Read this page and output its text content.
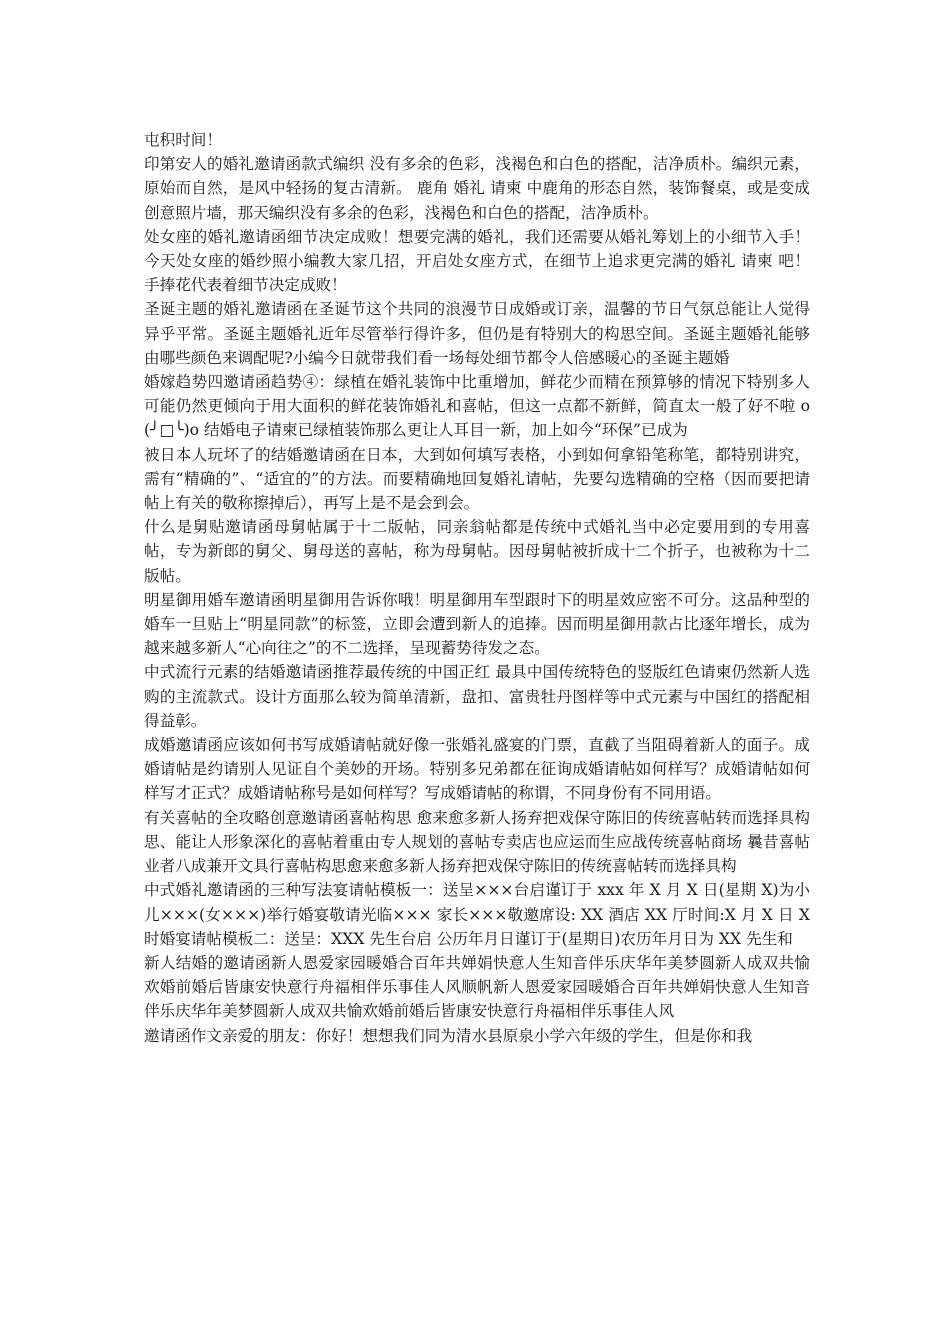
屯积时间！

印第安人的婚礼邀请函款式编织 没有多余的色彩，浅褐色和白色的搭配，洁净质朴。编织元素，原始而自然，是风中轻扬的复古清新。 鹿角 婚礼 请柬 中鹿角的形态自然，装饰餐桌，或是变成创意照片墙，那天编织没有多余的色彩，浅褐色和白色的搭配，洁净质朴。

处女座的婚礼邀请函细节决定成败！想要完满的婚礼，我们还需要从婚礼筹划上的小细节入手！今天处女座的婚纱照小编教大家几招，开启处女座方式，在细节上追求更完满的婚礼 请柬 吧！ 手捧花代表着细节决定成败！

圣诞主题的婚礼邀请函在圣诞节这个共同的浪漫节日成婚或订亲，温馨的节日气氛总能让人觉得异乎平常。圣诞主题婚礼近年尽管举行得许多，但仍是有特别大的构思空间。圣诞主题婚礼能够由哪些颜色来调配呢?小编今日就带我们看一场每处细节都令人倍感暖心的圣诞主题婚

婚嫁趋势四邀请函趋势④：绿植在婚礼装饰中比重增加，鲜花少而精在预算够的情况下特别多人可能仍然更倾向于用大面积的鲜花装饰婚礼和喜帖，但这一点都不新鲜，简直太一般了好不啦 o(╯□╰)o 结婚电子请柬已绿植装饰那么更让人耳目一新，加上如今“环保”已成为

被日本人玩坏了的结婚邀请函在日本，大到如何填写表格，小到如何拿铅笔称笔，都特别讲究，需有“精确的”、“适宜的”的方法。而要精确地回复婚礼请帖，先要勾选精确的空格（因而要把请帖上有关的敬称擦掉后），再写上是不是会到会。

什么是舅贴邀请函母舅帖属于十二版帖，同亲翁帖都是传统中式婚礼当中必定要用到的专用喜帖，专为新郎的舅父、舅母送的喜帖，称为母舅帖。因母舅帖被折成十二个折子，也被称为十二版帖。

明星御用婚车邀请函明星御用告诉你哦！明星御用车型跟时下的明星效应密不可分。这品种型的婚车一旦贴上“明星同款”的标签，立即会遭到新人的追捧。因而明星御用款占比逐年增长，成为越来越多新人“心向往之”的不二选择，呈现蓄势待发之态。

中式流行元素的结婚邀请函推荐最传统的中国正红 最具中国传统特色的竖版红色请柬仍然新人选购的主流款式。设计方面那么较为简单清新，盘扣、富贵牡丹图样等中式元素与中国红的搭配相得益彰。

成婚邀请函应该如何书写成婚请帖就好像一张婚礼盛宴的门票，直截了当阻碍着新人的面子。成婚请帖是约请别人见证自个美妙的开场。特别多兄弟都在征询成婚请帖如何样写？成婚请帖如何样写才正式？成婚请帖称号是如何样写？写成婚请帖的称谓，不同身份有不同用语。

有关喜帖的全攻略创意邀请函喜帖构思 愈来愈多新人扬弃把戏保守陈旧的传统喜帖转而选择具构思、能让人形象深化的喜帖着重由专人规划的喜帖专卖店也应运而生应战传统喜帖商场 曩昔喜帖业者八成兼开文具行喜帖构思愈来愈多新人扬弃把戏保守陈旧的传统喜帖转而选择具构

中式婚礼邀请函的三种写法宴请帖模板一：送呈×××台启谨订于 xxx 年 X 月 X 日(星期 X)为小儿×××(女×××)举行婚宴敬请光临××× 家长×××敬邀席设: XX 酒店 XX 厅时间:X 月 X 日 X 时婚宴请帖模板二：送呈：XXX 先生台启 公历年月日谨订于(星期日)农历年月日为 XX 先生和

新人结婚的邀请函新人恩爱家园暖婚合百年共婵娟快意人生知音伴乐庆华年美梦圆新人成双共愉欢婚前婚后皆康安快意行舟福相伴乐事佳人风顺帆新人恩爱家园暖婚合百年共婵娟快意人生知音伴乐庆华年美梦圆新人成双共愉欢婚前婚后皆康安快意行舟福相伴乐事佳人风

邀请函作文亲爱的朋友：你好！想想我们同为清水县原泉小学六年级的学生，但是你和我
